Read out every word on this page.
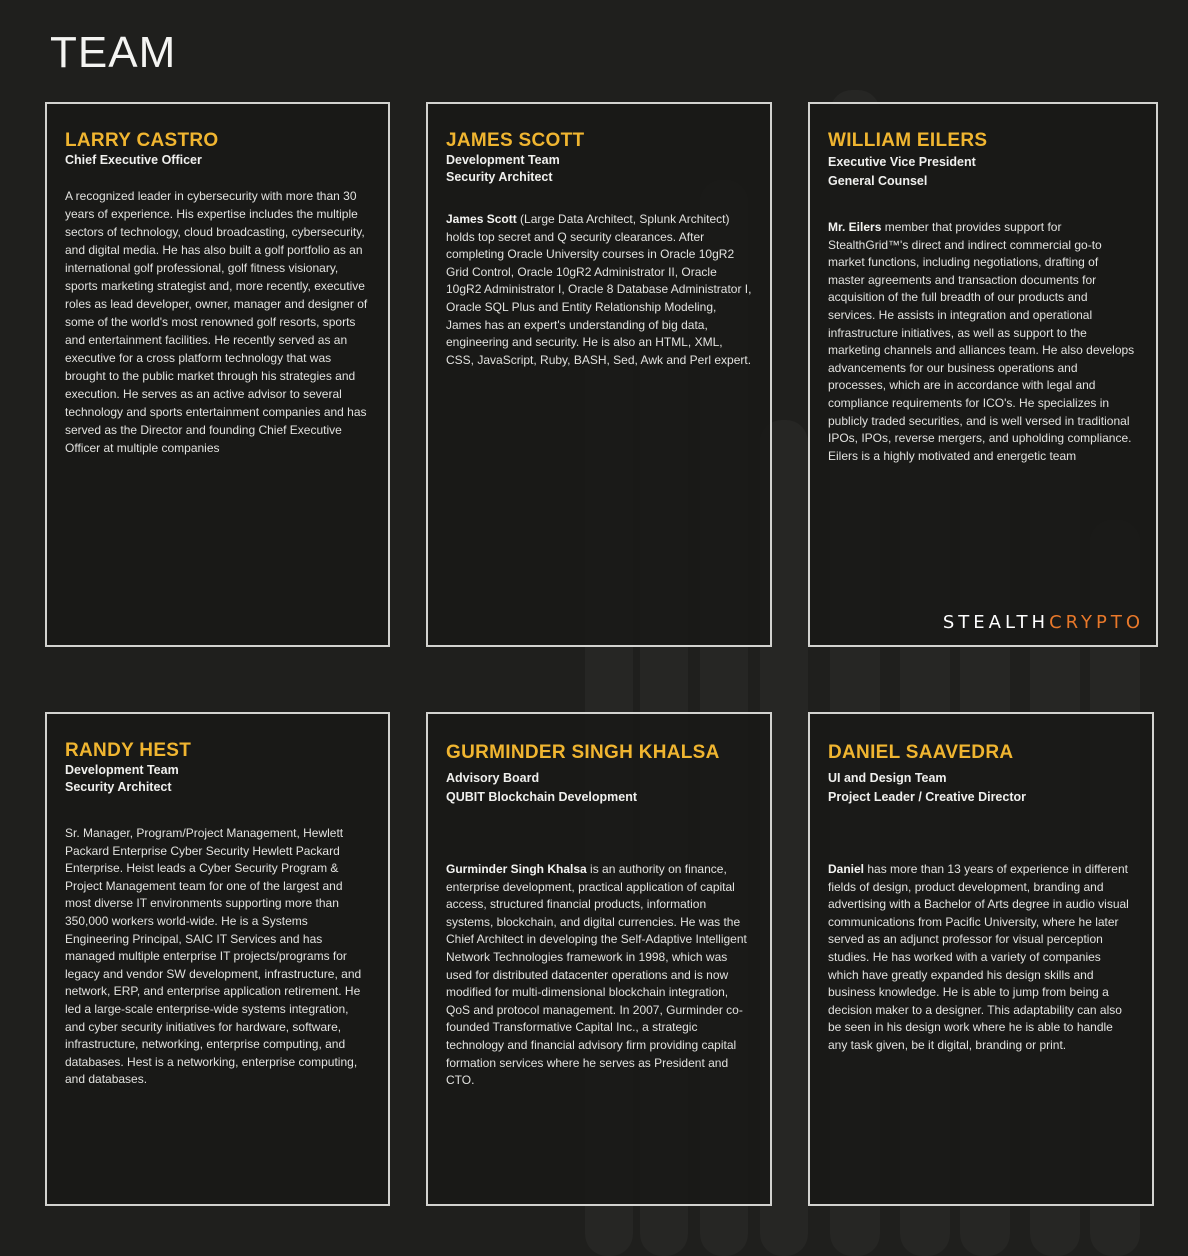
TEAM
LARRY CASTRO

Chief Executive Officer

A recognized leader in cybersecurity with more than 30 years of experience. His expertise includes the multiple sectors of technology, cloud broadcasting, cybersecurity, and digital media. He has also built a golf portfolio as an international golf professional, golf fitness visionary, sports marketing strategist and, more recently, executive roles as lead developer, owner, manager and designer of some of the world's most renowned golf resorts, sports and entertainment facilities. He recently served as an executive for a cross platform technology that was brought to the public market through his strategies and execution. He serves as an active advisor to several technology and sports entertainment companies and has served as the Director and founding Chief Executive Officer at multiple companies

JAMES SCOTT

Development Team

Security Architect

James Scott (Large Data Architect, Splunk Architect) holds top secret and Q security clearances. After completing Oracle University courses in Oracle 10gR2 Grid Control, Oracle 10gR2 Administrator II, Oracle 10gR2 Administrator I, Oracle 8 Database Administrator I, Oracle SQL Plus and Entity Relationship Modeling, James has an expert's understanding of big data, engineering and security. He is also an HTML, XML, CSS, JavaScript, Ruby, BASH, Sed, Awk and Perl expert.

WILLIAM EILERS

Executive Vice President

General Counsel

Mr. Eilers member that provides support for StealthGrid™'s direct and indirect commercial go-to market functions, including negotiations, drafting of master agreements and transaction documents for acquisition of the full breadth of our products and services. He assists in integration and operational infrastructure initiatives, as well as support to the marketing channels and alliances team. He also develops advancements for our business operations and processes, which are in accordance with legal and compliance requirements for ICO's. He specializes in publicly traded securities, and is well versed in traditional IPOs, IPOs, reverse mergers, and upholding compliance. Eilers is a highly motivated and energetic team

STEALTHCRYPTO
RANDY HEST

Development Team

Security Architect

Sr. Manager, Program/Project Management, Hewlett Packard Enterprise Cyber Security Hewlett Packard Enterprise. Heist leads a Cyber Security Program & Project Management team for one of the largest and most diverse IT environments supporting more than 350,000 workers world-wide. He is a Systems Engineering Principal, SAIC IT Services and has managed multiple enterprise IT projects/programs for legacy and vendor SW development, infrastructure, and network, ERP, and enterprise application retirement. He led a large-scale enterprise-wide systems integration, and cyber security initiatives for hardware, software, infrastructure, networking, enterprise computing, and databases. Hest is a networking, enterprise computing, and databases.

GURMINDER SINGH KHALSA

Advisory Board

QUBIT Blockchain Development

Gurminder Singh Khalsa is an authority on finance, enterprise development, practical application of capital access, structured financial products, information systems, blockchain, and digital currencies. He was the Chief Architect in developing the Self-Adaptive Intelligent Network Technologies framework in 1998, which was used for distributed datacenter operations and is now modified for multi-dimensional blockchain integration, QoS and protocol management. In 2007, Gurminder co-founded Transformative Capital Inc., a strategic technology and financial advisory firm providing capital formation services where he serves as President and CTO.

DANIEL SAAVEDRA

UI and Design Team

Project Leader / Creative Director

Daniel has more than 13 years of experience in different fields of design, product development, branding and advertising with a Bachelor of Arts degree in audio visual communications from Pacific University, where he later served as an adjunct professor for visual perception studies. He has worked with a variety of companies which have greatly expanded his design skills and business knowledge. He is able to jump from being a decision maker to a designer. This adaptability can also be seen in his design work where he is able to handle any task given, be it digital, branding or print.
